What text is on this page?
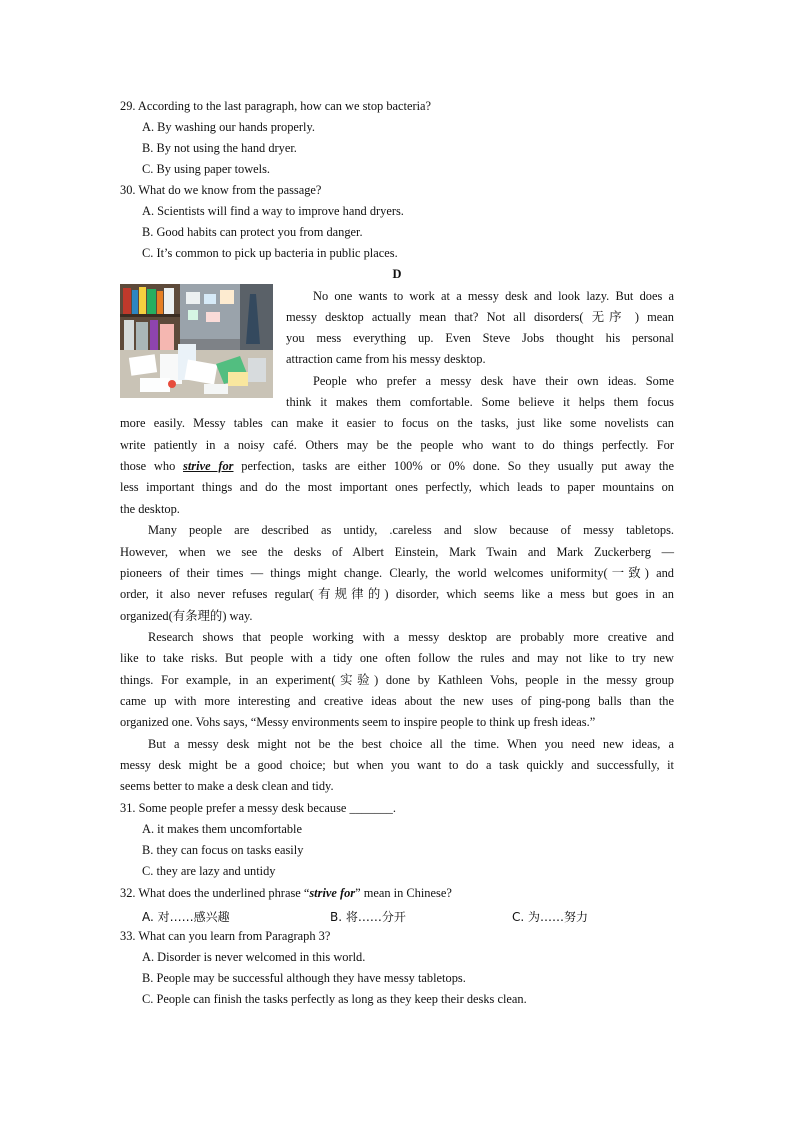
29. According to the last paragraph, how can we stop bacteria?
A. By washing our hands properly.
B. By not using the hand dryer.
C. By using paper towels.
30. What do we know from the passage?
A. Scientists will find a way to improve hand dryers.
B. Good habits can protect you from danger.
C. It’s common to pick up bacteria in public places.
D
No one wants to work at a messy desk and look lazy. But does a
messy desktop actually mean that? Not all disorders( 无序 ) mean
you mess everything up. Even Steve Jobs thought his personal
attraction came from his messy desktop.
People who prefer a messy desk have their own ideas. Some
think it makes them comfortable. Some believe it helps them focus
more easily. Messy tables can make it easier to focus on the tasks, just like some novelists can
write patiently in a noisy café. Others may be the people who want to do things perfectly. For
those who strive for perfection, tasks are either 100% or 0% done. So they usually put away the
less important things and do the most important ones perfectly, which leads to paper mountains on
the desktop.
Many people are described as untidy, .careless and slow because of messy tabletops.
However, when we see the desks of Albert Einstein, Mark Twain and Mark Zuckerberg —
pioneers of their times — things might change. Clearly, the world welcomes uniformity(一致) and
order, it also never refuses regular(有规律的) disorder, which seems like a mess but goes in an
organized(有条理的) way.
Research shows that people working with a messy desktop are probably more creative and
like to take risks. But people with a tidy one often follow the rules and may not like to try new
things. For example, in an experiment(实验) done by Kathleen Vohs, people in the messy group
came up with more interesting and creative ideas about the new uses of ping-pong balls than the
organized one. Vohs says, “Messy environments seem to inspire people to think up fresh ideas.”
But a messy desk might not be the best choice all the time. When you need new ideas, a
messy desk might be a good choice; but when you want to do a task quickly and successfully, it
seems better to make a desk clean and tidy.
31. Some people prefer a messy desk because _______.
A. it makes them uncomfortable
B. they can focus on tasks easily
C. they are lazy and untidy
32. What does the underlined phrase “strive for” mean in Chinese?
A. 对……感兴趣	B. 将……分开	C. 为……努力
33. What can you learn from Paragraph 3?
A. Disorder is never welcomed in this world.
B. People may be successful although they have messy tabletops.
C. People can finish the tasks perfectly as long as they keep their desks clean.
